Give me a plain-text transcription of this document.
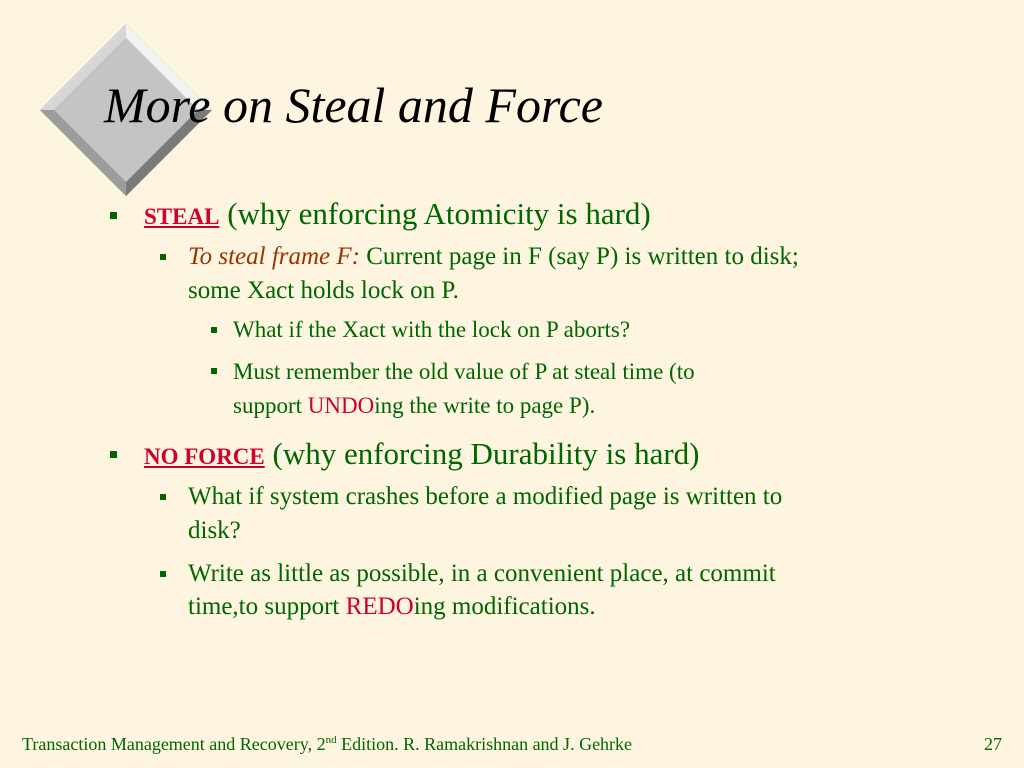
More on Steal and Force
STEAL (why enforcing Atomicity is hard)
To steal frame F: Current page in F (say P) is written to disk;
some Xact holds lock on P.
What if the Xact with the lock on P aborts?
Must remember the old value of P at steal time (to
support UNDOing the write to page P).
NO FORCE (why enforcing Durability is hard)
What if system crashes before a modified page is written to
disk?
Write as little as possible, in a convenient place, at commit
time,to support REDOing modifications.
Transaction Management and Recovery, 2nd Edition. R. Ramakrishnan and J. Gehrke	27
